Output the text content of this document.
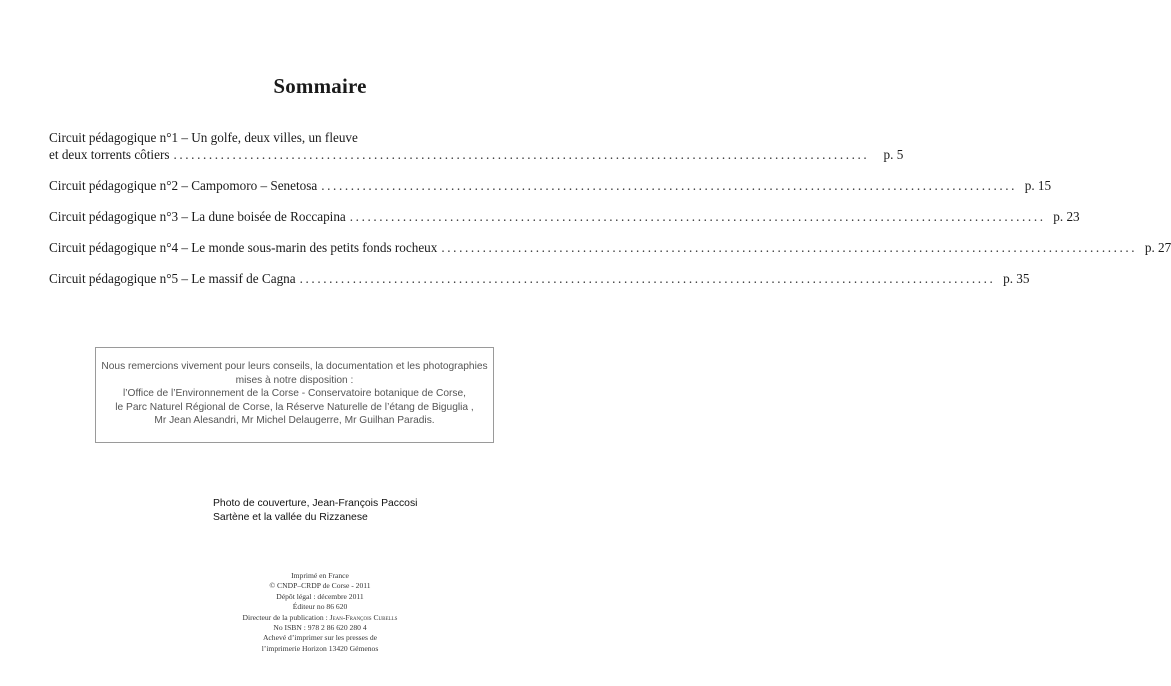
Sommaire
Circuit pédagogique n°1 – Un golfe, deux villes, un fleuve
et deux torrents côtiers ......................................................................................................................	p. 5
Circuit pédagogique n°2 – Campomoro – Senetosa ...................................................................................................................... p. 15
Circuit pédagogique n°3 – La dune boisée de Roccapina ...................................................................................................................... p. 23
Circuit pédagogique n°4 – Le monde sous-marin des petits fonds rocheux ...................................................................................................................... p. 27
Circuit pédagogique n°5 – Le massif de Cagna ...................................................................................................................... p. 35
Nous remercions vivement pour leurs conseils, la documentation et les photographies
mises à notre disposition :
l’Office de l’Environnement de la Corse - Conservatoire botanique de Corse,
le Parc Naturel Régional de Corse, la Réserve Naturelle de l’étang de Biguglia ,
Mr Jean Alesandri, Mr Michel Delaugerre, Mr Guilhan Paradis.
Photo de couverture, Jean-François Paccosi
Sartène et la vallée du Rizzanese
Imprimé en France
© CNDP–CRDP de Corse - 2011
Dépôt légal : décembre 2011
Éditeur no 86 620
Directeur de la publication : Jean-François Cubells
No ISBN : 978 2 86 620 280 4
Achevé d’imprimer sur les presses de
l’imprimerie Horizon 13420 Gémenos
